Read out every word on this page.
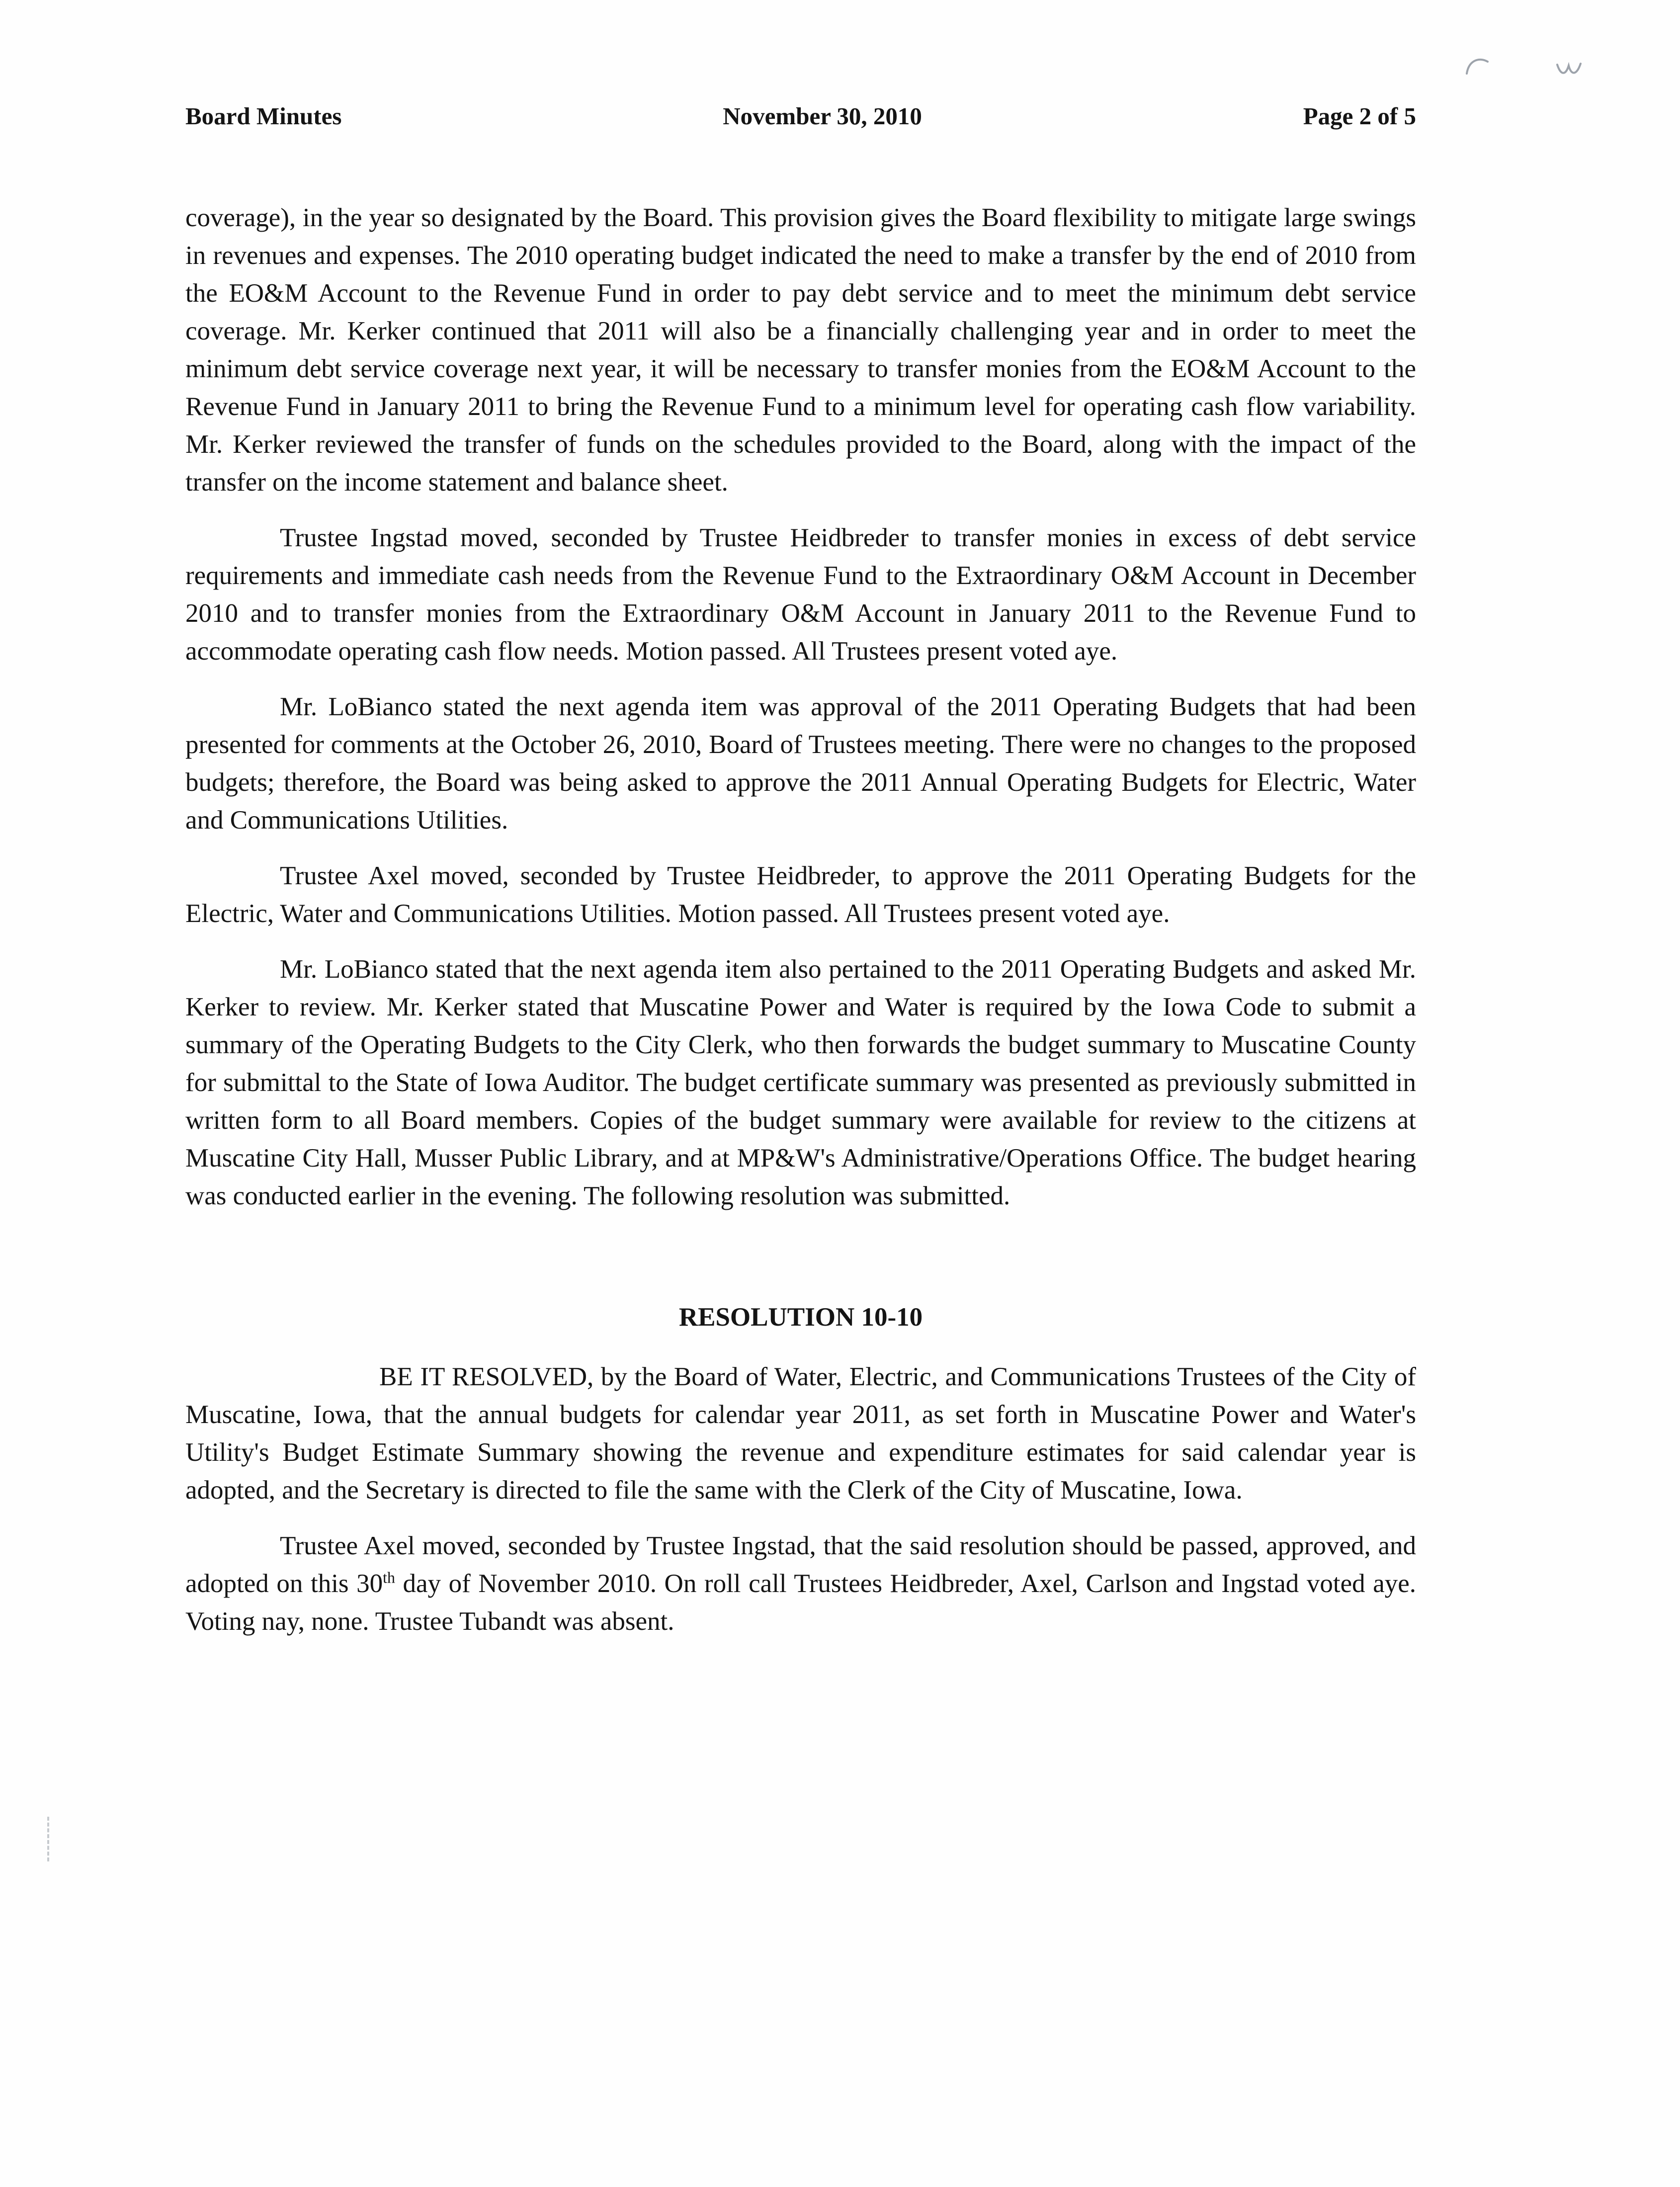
Board Minutes	November 30, 2010	Page 2 of 5

coverage), in the year so designated by the Board. This provision gives the Board flexibility to mitigate large swings in revenues and expenses. The 2010 operating budget indicated the need to make a transfer by the end of 2010 from the EO&M Account to the Revenue Fund in order to pay debt service and to meet the minimum debt service coverage. Mr. Kerker continued that 2011 will also be a financially challenging year and in order to meet the minimum debt service coverage next year, it will be necessary to transfer monies from the EO&M Account to the Revenue Fund in January 2011 to bring the Revenue Fund to a minimum level for operating cash flow variability. Mr. Kerker reviewed the transfer of funds on the schedules provided to the Board, along with the impact of the transfer on the income statement and balance sheet.

Trustee Ingstad moved, seconded by Trustee Heidbreder to transfer monies in excess of debt service requirements and immediate cash needs from the Revenue Fund to the Extraordinary O&M Account in December 2010 and to transfer monies from the Extraordinary O&M Account in January 2011 to the Revenue Fund to accommodate operating cash flow needs. Motion passed. All Trustees present voted aye.

Mr. LoBianco stated the next agenda item was approval of the 2011 Operating Budgets that had been presented for comments at the October 26, 2010, Board of Trustees meeting. There were no changes to the proposed budgets; therefore, the Board was being asked to approve the 2011 Annual Operating Budgets for Electric, Water and Communications Utilities.

Trustee Axel moved, seconded by Trustee Heidbreder, to approve the 2011 Operating Budgets for the Electric, Water and Communications Utilities. Motion passed. All Trustees present voted aye.

Mr. LoBianco stated that the next agenda item also pertained to the 2011 Operating Budgets and asked Mr. Kerker to review. Mr. Kerker stated that Muscatine Power and Water is required by the Iowa Code to submit a summary of the Operating Budgets to the City Clerk, who then forwards the budget summary to Muscatine County for submittal to the State of Iowa Auditor. The budget certificate summary was presented as previously submitted in written form to all Board members. Copies of the budget summary were available for review to the citizens at Muscatine City Hall, Musser Public Library, and at MP&W's Administrative/Operations Office. The budget hearing was conducted earlier in the evening. The following resolution was submitted.

RESOLUTION 10-10

BE IT RESOLVED, by the Board of Water, Electric, and Communications Trustees of the City of Muscatine, Iowa, that the annual budgets for calendar year 2011, as set forth in Muscatine Power and Water's Utility's Budget Estimate Summary showing the revenue and expenditure estimates for said calendar year is adopted, and the Secretary is directed to file the same with the Clerk of the City of Muscatine, Iowa.

Trustee Axel moved, seconded by Trustee Ingstad, that the said resolution should be passed, approved, and adopted on this 30th day of November 2010. On roll call Trustees Heidbreder, Axel, Carlson and Ingstad voted aye. Voting nay, none. Trustee Tubandt was absent.
